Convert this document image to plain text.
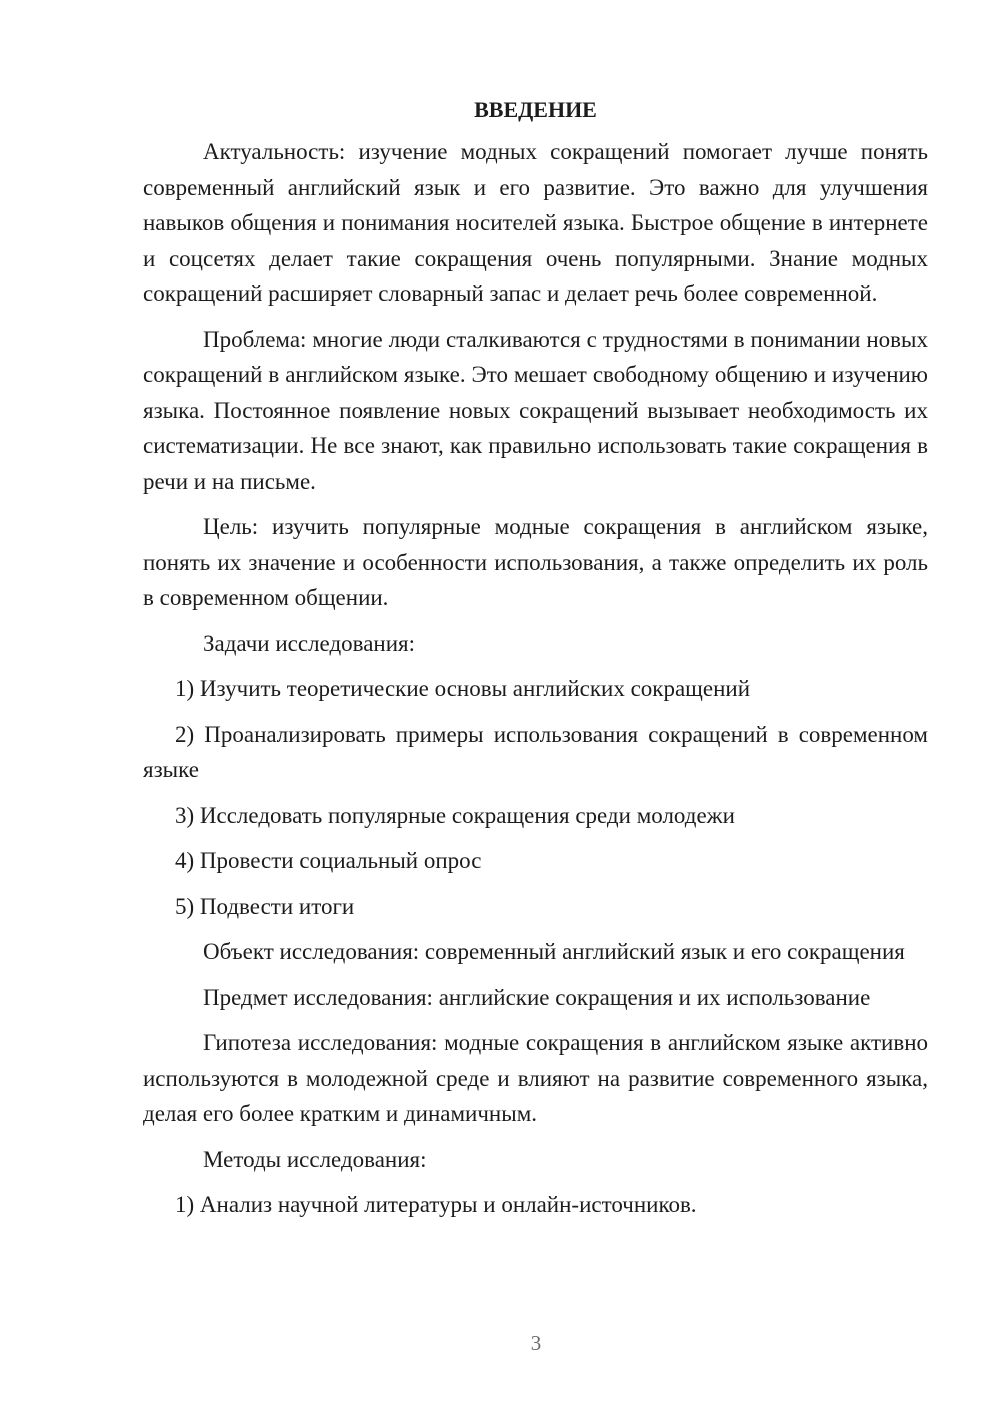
ВВЕДЕНИЕ

Актуальность: изучение модных сокращений помогает лучше понять современный английский язык и его развитие. Это важно для улучшения навыков общения и понимания носителей языка. Быстрое общение в интернете и соцсетях делает такие сокращения очень популярными. Знание модных сокращений расширяет словарный запас и делает речь более современной.

Проблема: многие люди сталкиваются с трудностями в понимании новых сокращений в английском языке. Это мешает свободному общению и изучению языка. Постоянное появление новых сокращений вызывает необходимость их систематизации. Не все знают, как правильно использовать такие сокращения в речи и на письме.

Цель: изучить популярные модные сокращения в английском языке, понять их значение и особенности использования, а также определить их роль в современном общении.

Задачи исследования:

1) Изучить теоретические основы английских сокращений

2) Проанализировать примеры использования сокращений в современном языке

3) Исследовать популярные сокращения среди молодежи

4) Провести социальный опрос

5) Подвести итоги

Объект исследования: современный английский язык и его сокращения

Предмет исследования: английские сокращения и их использование

Гипотеза исследования: модные сокращения в английском языке активно используются в молодежной среде и влияют на развитие современного языка, делая его более кратким и динамичным.

Методы исследования:

1) Анализ научной литературы и онлайн-источников.

3
